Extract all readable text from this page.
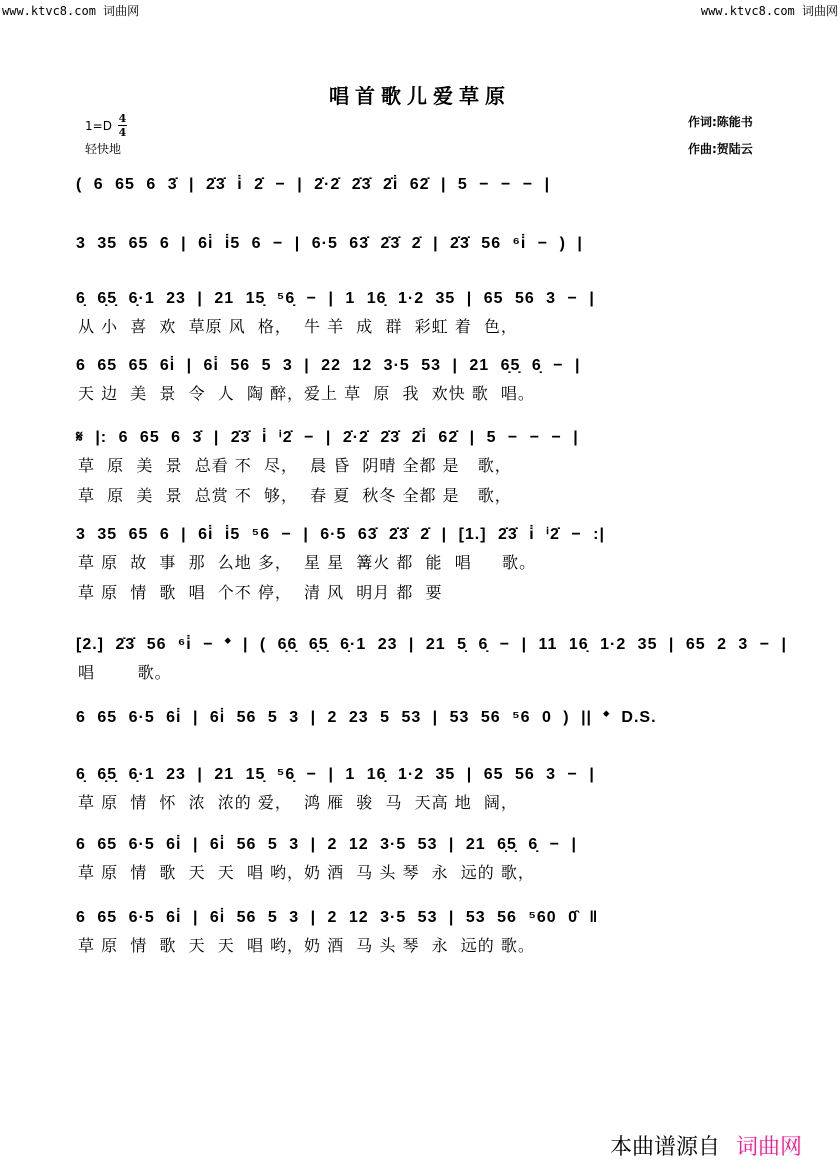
www.ktvc8.com 词曲网	www.ktvc8.com 词曲网
唱首歌儿爱草原
$1=D \frac{4}{4}$
轻快地
作词:陈能书
作曲:贺陆云
( 6 65 6 3̇ | 2̇3̇ i̇ 2̇ − | 2̇·2̇ 2̇3̇ 2̇i̇ 62̇ | 5 − − − |
3 35 65 6 | 6i̇ i̇5 6 − | 6·5 63̇ 2̇3̇ 2̇ | 2̇3̇ 56 ⁶i̇ − ) |
6̣ 6̣5̣ 6̣·1 23 | 21 15̣ ⁵6̣ − | 1 16̣ 1·2 35 | 65 56 3 − |
从 小  喜  欢  草原 风  格，  牛 羊  成  群  彩虹 着  色，
6 65 65 6i̇ | 6i̇ 56 5 3 | 22 12 3·5 53 | 21 6̣5̣ 6̣ − |
天 边  美  景  令  人  陶 醉，爱上 草  原  我  欢快 歌  唱。
𝄋 |: 6 65 6 3̇ | 2̇3̇ i̇ ⁱ2̇ − | 2̇·2̇ 2̇3̇ 2̇i̇ 62̇ | 5 − − − |
草  原  美  景  总看 不  尽，  晨 昏  阴晴 全都 是   歌，
草  原  美  景  总赏 不  够，  春 夏  秋冬 全都 是   歌，
3 35 65 6 | 6i̇ i̇5 ⁵6 − | 6·5 63̇ 2̇3̇ 2̇ | [1.] 2̇3̇ i̇ ⁱ2̇ − :|
草 原  故  事  那  么地 多，  星 星  篝火 都  能  唱     歌。
草 原  情  歌  唱  个不 停，  清 风  明月 都  要
[2.] 2̇3̇ 56 ⁶i̇ − 𝄌 | ( 6̣6̣ 6̣5̣ 6̣·1 23 | 21 5̣ 6̣ − | 11 16̣ 1·2 35 | 65 2 3 − |
唱       歌。
6 65 6·5 6i̇ | 6i̇ 56 5 3 | 2 23 5 53 | 53 56 ⁵6 0 ) || 𝄌 D.S.
6̣ 6̣5̣ 6̣·1 23 | 21 15̣ ⁵6̣ − | 1 16̣ 1·2 35 | 65 56 3 − |
草 原  情  怀  浓  浓的 爱，  鸿 雁  骏  马  天高 地  阔，
6 65 6·5 6i̇ | 6i̇ 56 5 3 | 2 12 3·5 53 | 21 6̣5̣ 6̣ − |
草 原  情  歌  天  天  唱 哟，奶 酒  马 头 琴  永  远的 歌，
6 65 6·5 6i̇ | 6i̇ 56 5 3 | 2 12 3·5 53 | 53 56 ⁵60 0̑ ‖
草 原  情  歌  天  天  唱 哟，奶 酒  马 头 琴  永  远的 歌。
本曲谱源自 词曲网
